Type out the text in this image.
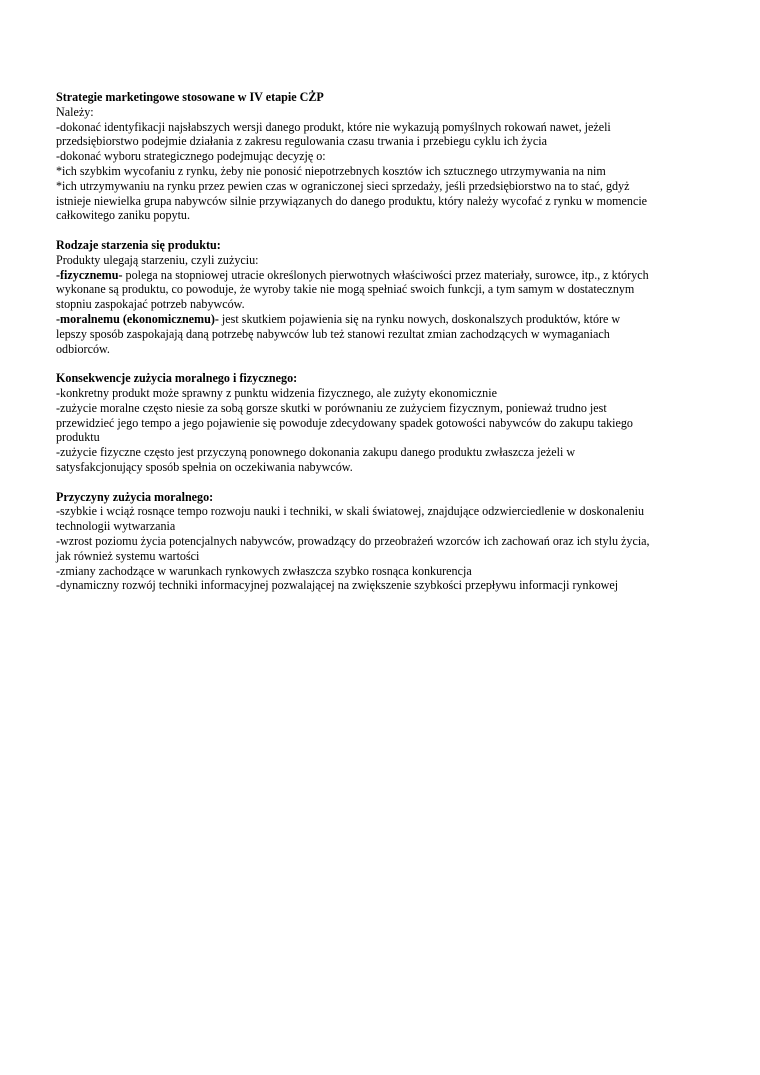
Strategie marketingowe stosowane w IV etapie CŻP
Należy:
-dokonać identyfikacji najsłabszych wersji danego produkt, które nie wykazują pomyślnych rokowań nawet, jeżeli
przedsiębiorstwo podejmie działania z zakresu regulowania czasu trwania i przebiegu cyklu ich życia
-dokonać wyboru strategicznego podejmując decyzję o:
*ich szybkim wycofaniu z rynku, żeby nie ponosić niepotrzebnych kosztów ich sztucznego utrzymywania na nim
*ich utrzymywaniu na rynku przez pewien czas w ograniczonej sieci sprzedaży, jeśli przedsiębiorstwo na to stać, gdyż
istnieje niewielka grupa nabywców silnie przywiązanych do danego produktu, który należy wycofać z rynku w momencie
całkowitego zaniku popytu.
Rodzaje starzenia się produktu:
Produkty ulegają starzeniu, czyli zużyciu:
-fizycznemu- polega na stopniowej utracie określonych pierwotnych właściwości przez materiały, surowce, itp., z których
wykonane są produktu, co powoduje, że wyroby takie nie mogą spełniać swoich funkcji, a tym samym w dostatecznym
stopniu zaspokajać potrzeb nabywców.
-moralnemu (ekonomicznemu)- jest skutkiem pojawienia się na rynku nowych, doskonalszych produktów, które w
lepszy sposób zaspokajają daną potrzebę nabywców lub też stanowi rezultat zmian zachodzących w wymaganiach
odbiorców.
Konsekwencje zużycia moralnego i fizycznego:
-konkretny produkt może sprawny z punktu widzenia fizycznego, ale zużyty ekonomicznie
-zużycie moralne często niesie za sobą gorsze skutki w porównaniu ze zużyciem fizycznym, ponieważ trudno jest
przewidzieć jego tempo a jego pojawienie się powoduje zdecydowany spadek gotowości nabywców do zakupu takiego
produktu
-zużycie fizyczne często jest przyczyną ponownego dokonania zakupu danego produktu zwłaszcza jeżeli w
satysfakcjonujący sposób spełnia on oczekiwania nabywców.
Przyczyny zużycia moralnego:
-szybkie i wciąż rosnące tempo rozwoju nauki i techniki, w skali światowej, znajdujące odzwierciedlenie w doskonaleniu
technologii wytwarzania
-wzrost poziomu życia potencjalnych nabywców, prowadzący do przeobrażeń wzorców ich zachowań oraz ich stylu życia,
jak również systemu wartości
-zmiany zachodzące w warunkach rynkowych zwłaszcza szybko rosnąca konkurencja
-dynamiczny rozwój techniki informacyjnej pozwalającej na zwiększenie szybkości przepływu informacji rynkowej
